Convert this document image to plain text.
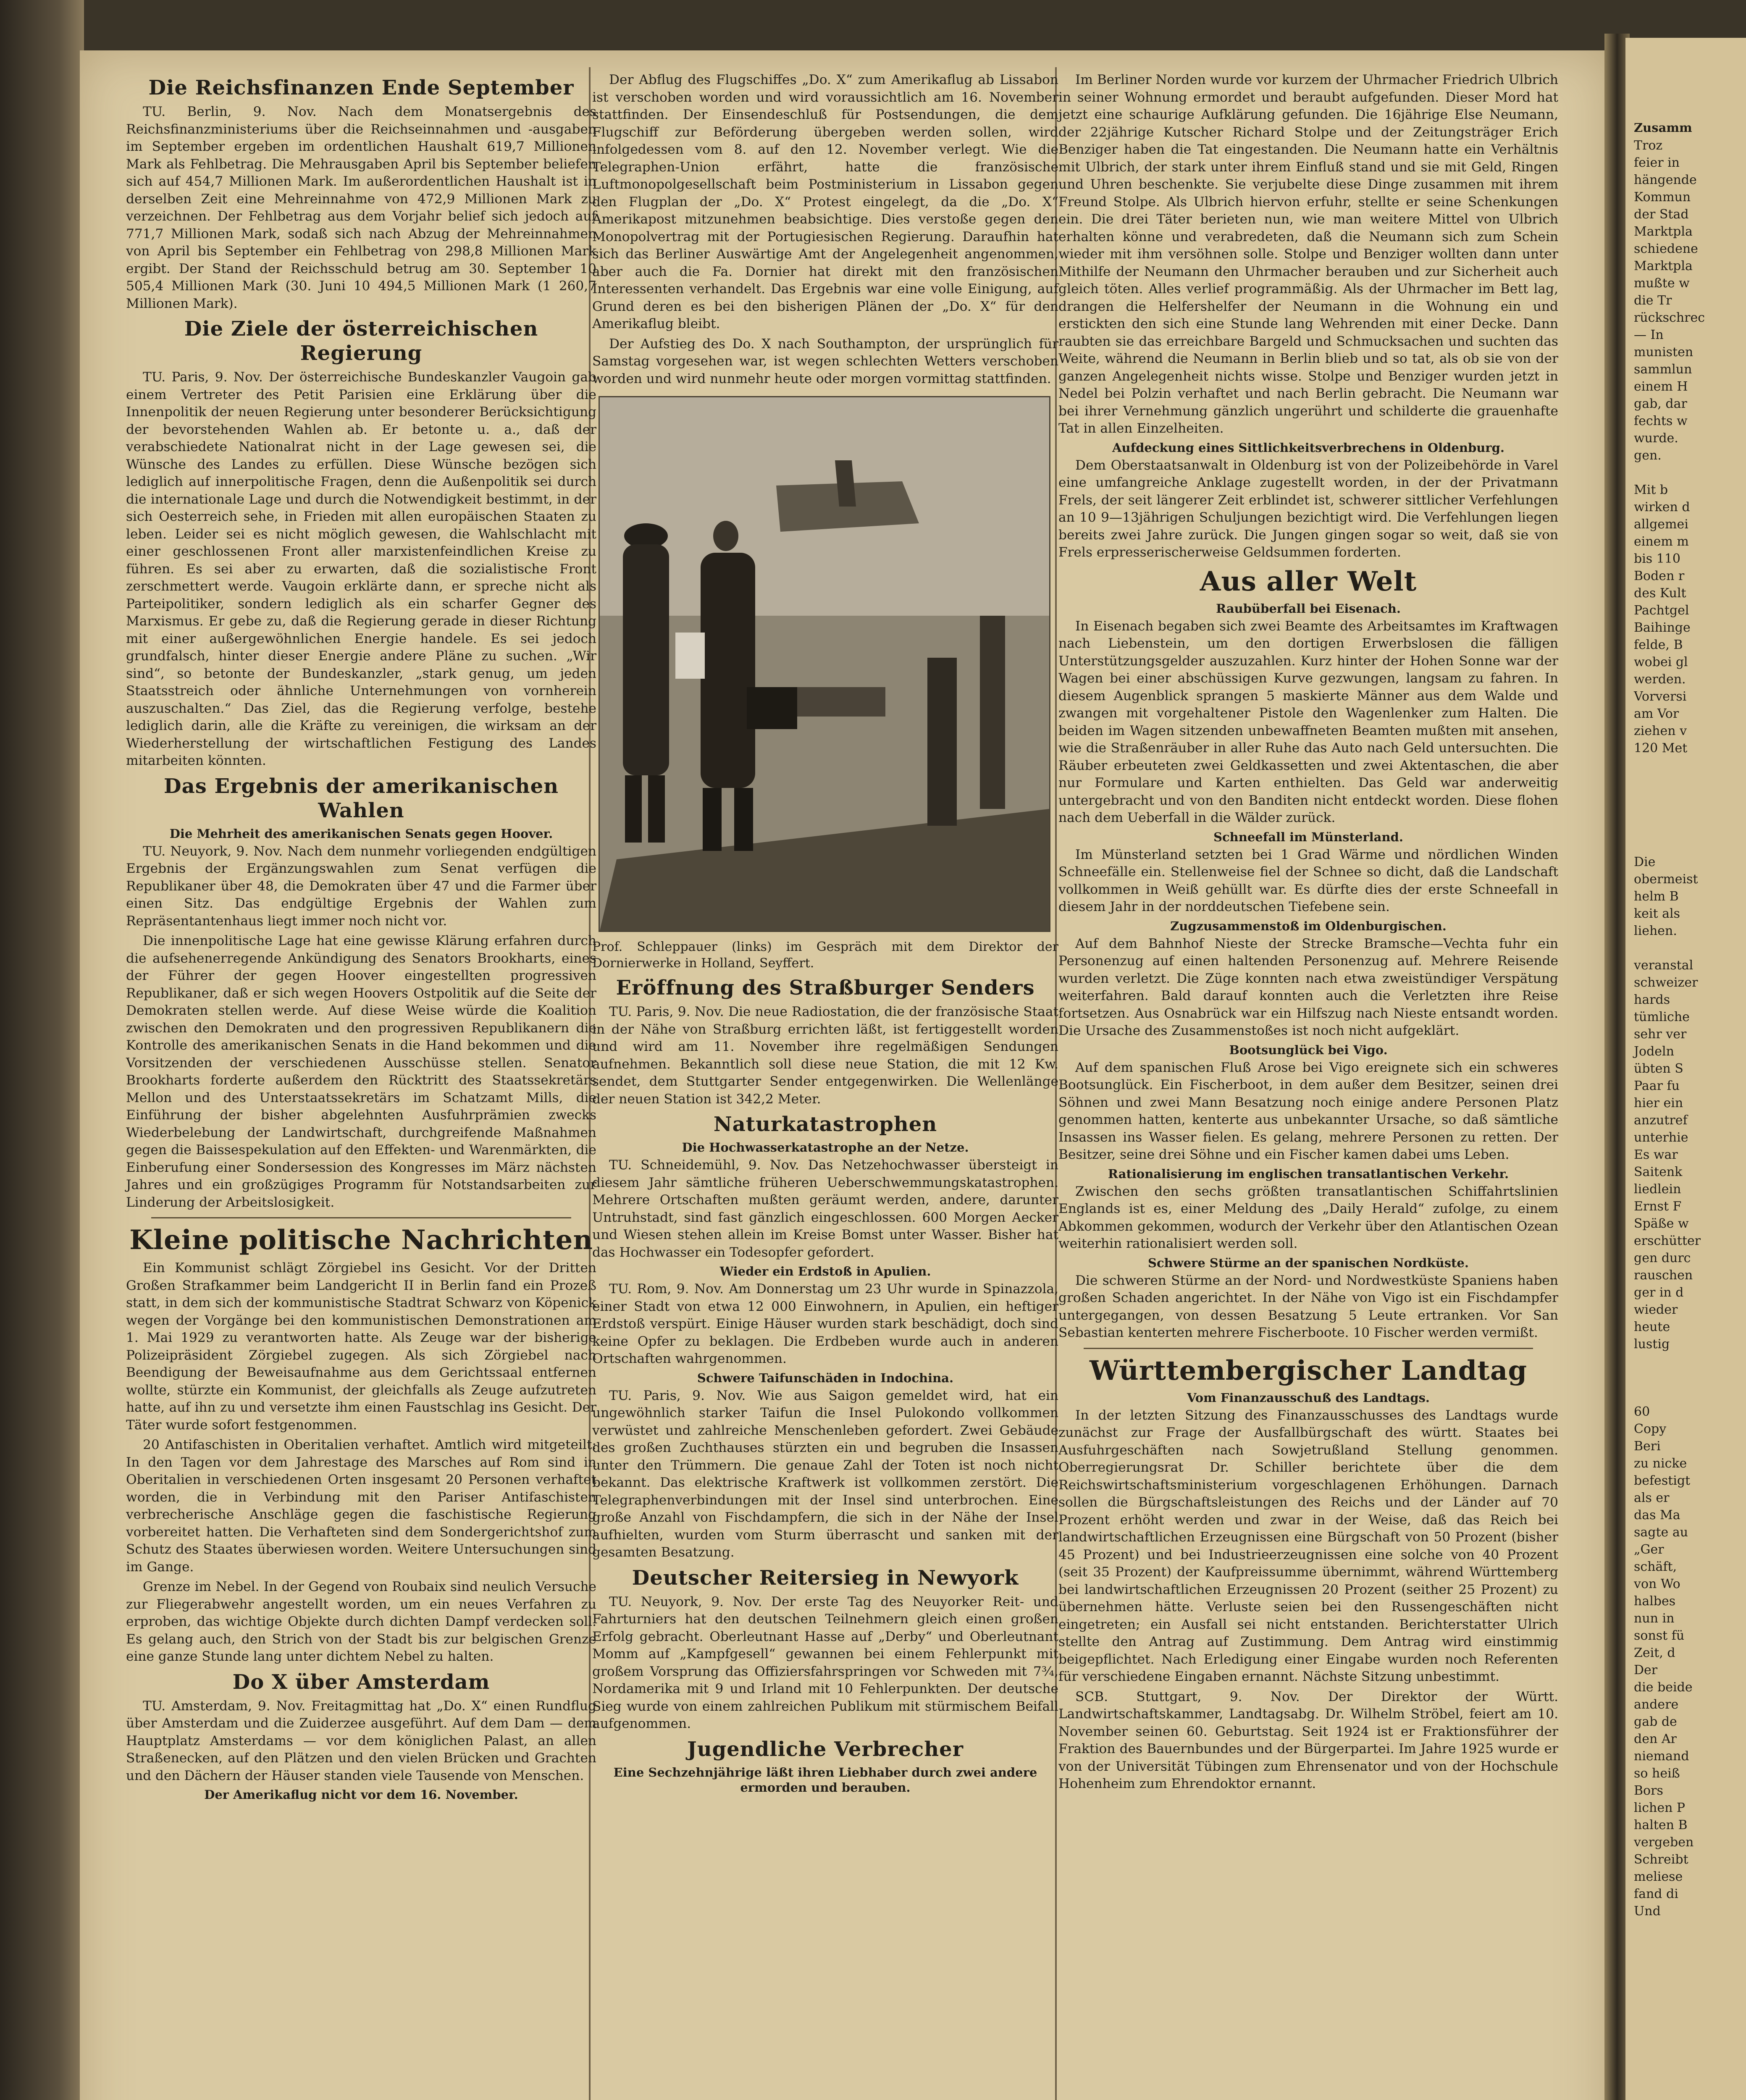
Zusamm

Troz

feier in

hängende

Kommun

der Stad

Marktpla

schiedene

Marktpla

mußte w

die Tr

rückschrec

— In

munisten

sammlun

einem H

gab, dar

fechts w

wurde.

gen.

Mit b

wirken d

allgemei

einem m

bis 110

Boden r

des Kult

Pachtgel

Baihinge

felde, B

wobei gl

werden.

Vorversi

am Vor

ziehen v

120 Met

Die

obermeist

helm B

keit als

liehen.

veranstal

schweizer

hards

tümliche

sehr ver

Jodeln

übten S

Paar fu

hier ein

anzutref

unterhie

Es war

Saitenk

liedlein

Ernst F

Späße w

erschütter

gen durc

rauschen

ger in d

wieder

heute

lustig

60

Copy

Beri

zu nicke

befestigt

als er

das Ma

sagte au

„Ger

schäft,

von Wo

halbes

nun in

sonst fü

Zeit, d

Der

die beide

andere

gab de

den Ar

niemand

so heiß

Bors

lichen P

halten B

vergeben

Schreibt

meliese

fand di

Und

Die Reichsfinanzen Ende September

TU. Berlin, 9. Nov. Nach dem Monatsergebnis des Reichsfinanzministeriums über die Reichseinnahmen und -ausgaben im September ergeben im ordentlichen Haushalt 619,7 Millionen Mark als Fehlbetrag. Die Mehrausgaben April bis September beliefen sich auf 454,7 Millionen Mark. Im außerordentlichen Haushalt ist in derselben Zeit eine Mehreinnahme von 472,9 Millionen Mark zu verzeichnen. Der Fehlbetrag aus dem Vorjahr belief sich jedoch auf 771,7 Millionen Mark, sodaß sich nach Abzug der Mehreinnahmen von April bis September ein Fehlbetrag von 298,8 Millionen Mark ergibt. Der Stand der Reichsschuld betrug am 30. September 10 505,4 Millionen Mark (30. Juni 10 494,5 Millionen Mark (1 260,7 Millionen Mark).

Die Ziele der österreichischen Regierung

TU. Paris, 9. Nov. Der österreichische Bundeskanzler Vaugoin gab einem Vertreter des Petit Parisien eine Erklärung über die Innenpolitik der neuen Regierung unter besonderer Berücksichtigung der bevorstehenden Wahlen ab. Er betonte u. a., daß der verabschiedete Nationalrat nicht in der Lage gewesen sei, die Wünsche des Landes zu erfüllen. Diese Wünsche bezögen sich lediglich auf innerpolitische Fragen, denn die Außenpolitik sei durch die internationale Lage und durch die Notwendigkeit bestimmt, in der sich Oesterreich sehe, in Frieden mit allen europäischen Staaten zu leben. Leider sei es nicht möglich gewesen, die Wahlschlacht mit einer geschlossenen Front aller marxistenfeindlichen Kreise zu führen. Es sei aber zu erwarten, daß die sozialistische Front zerschmettert werde. Vaugoin erklärte dann, er spreche nicht als Parteipolitiker, sondern lediglich als ein scharfer Gegner des Marxismus. Er gebe zu, daß die Regierung gerade in dieser Richtung mit einer außergewöhnlichen Energie handele. Es sei jedoch grundfalsch, hinter dieser Energie andere Pläne zu suchen. „Wir sind“, so betonte der Bundeskanzler, „stark genug, um jeden Staatsstreich oder ähnliche Unternehmungen von vornherein auszuschalten.“ Das Ziel, das die Regierung verfolge, bestehe lediglich darin, alle die Kräfte zu vereinigen, die wirksam an der Wiederherstellung der wirtschaftlichen Festigung des Landes mitarbeiten könnten.

Das Ergebnis der amerikanischen Wahlen
Die Mehrheit des amerikanischen Senats gegen Hoover.

TU. Neuyork, 9. Nov. Nach dem nunmehr vorliegenden endgültigen Ergebnis der Ergänzungswahlen zum Senat verfügen die Republikaner über 48, die Demokraten über 47 und die Farmer über einen Sitz. Das endgültige Ergebnis der Wahlen zum Repräsentantenhaus liegt immer noch nicht vor.

Die innenpolitische Lage hat eine gewisse Klärung erfahren durch die aufsehenerregende Ankündigung des Senators Brookharts, eines der Führer der gegen Hoover eingestellten progressiven Republikaner, daß er sich wegen Hoovers Ostpolitik auf die Seite der Demokraten stellen werde. Auf diese Weise würde die Koalition zwischen den Demokraten und den progressiven Republikanern die Kontrolle des amerikanischen Senats in die Hand bekommen und die Vorsitzenden der verschiedenen Ausschüsse stellen. Senator Brookharts forderte außerdem den Rücktritt des Staatssekretärs Mellon und des Unterstaatssekretärs im Schatzamt Mills, die Einführung der bisher abgelehnten Ausfuhrprämien zwecks Wiederbelebung der Landwirtschaft, durchgreifende Maßnahmen gegen die Baissespekulation auf den Effekten- und Warenmärkten, die Einberufung einer Sondersession des Kongresses im März nächsten Jahres und ein großzügiges Programm für Notstandsarbeiten zur Linderung der Arbeitslosigkeit.

Kleine politische Nachrichten

Ein Kommunist schlägt Zörgiebel ins Gesicht. Vor der Dritten Großen Strafkammer beim Landgericht II in Berlin fand ein Prozeß statt, in dem sich der kommunistische Stadtrat Schwarz von Köpenick wegen der Vorgänge bei den kommunistischen Demonstrationen am 1. Mai 1929 zu verantworten hatte. Als Zeuge war der bisherige Polizeipräsident Zörgiebel zugegen. Als sich Zörgiebel nach Beendigung der Beweisaufnahme aus dem Gerichtssaal entfernen wollte, stürzte ein Kommunist, der gleichfalls als Zeuge aufzutreten hatte, auf ihn zu und versetzte ihm einen Faustschlag ins Gesicht. Der Täter wurde sofort festgenommen.

20 Antifaschisten in Oberitalien verhaftet. Amtlich wird mitgeteilt: In den Tagen vor dem Jahrestage des Marsches auf Rom sind in Oberitalien in verschiedenen Orten insgesamt 20 Personen verhaftet worden, die in Verbindung mit den Pariser Antifaschisten verbrecherische Anschläge gegen die faschistische Regierung vorbereitet hatten. Die Verhafteten sind dem Sondergerichtshof zum Schutz des Staates überwiesen worden. Weitere Untersuchungen sind im Gange.

Grenze im Nebel. In der Gegend von Roubaix sind neulich Versuche zur Fliegerabwehr angestellt worden, um ein neues Verfahren zu erproben, das wichtige Objekte durch dichten Dampf verdecken soll. Es gelang auch, den Strich von der Stadt bis zur belgischen Grenze eine ganze Stunde lang unter dichtem Nebel zu halten.

Do X über Amsterdam

TU. Amsterdam, 9. Nov. Freitagmittag hat „Do. X“ einen Rundflug über Amsterdam und die Zuiderzee ausgeführt. Auf dem Dam — dem Hauptplatz Amsterdams — vor dem königlichen Palast, an allen Straßenecken, auf den Plätzen und den vielen Brücken und Grachten und den Dächern der Häuser standen viele Tausende von Menschen.

Der Amerikaflug nicht vor dem 16. November.

Der Abflug des Flugschiffes „Do. X“ zum Amerikaflug ab Lissabon ist verschoben worden und wird voraussichtlich am 16. November stattfinden. Der Einsendeschluß für Postsendungen, die dem Flugschiff zur Beförderung übergeben werden sollen, wird infolgedessen vom 8. auf den 12. November verlegt. Wie die Telegraphen-Union erfährt, hatte die französische Luftmonopolgesellschaft beim Postministerium in Lissabon gegen den Flugplan der „Do. X“ Protest eingelegt, da die „Do. X“ Amerikapost mitzunehmen beabsichtige. Dies verstoße gegen den Monopolvertrag mit der Portugiesischen Regierung. Daraufhin hat sich das Berliner Auswärtige Amt der Angelegenheit angenommen, aber auch die Fa. Dornier hat direkt mit den französischen Interessenten verhandelt. Das Ergebnis war eine volle Einigung, auf Grund deren es bei den bisherigen Plänen der „Do. X“ für den Amerikaflug bleibt.

Der Aufstieg des Do. X nach Southampton, der ursprünglich für Samstag vorgesehen war, ist wegen schlechten Wetters verschoben worden und wird nunmehr heute oder morgen vormittag stattfinden.

Prof. Schleppauer (links) im Gespräch mit dem Direktor der Dornierwerke in Holland, Seyffert.

Eröffnung des Straßburger Senders

TU. Paris, 9. Nov. Die neue Radiostation, die der französische Staat in der Nähe von Straßburg errichten läßt, ist fertiggestellt worden und wird am 11. November ihre regelmäßigen Sendungen aufnehmen. Bekanntlich soll diese neue Station, die mit 12 Kw. sendet, dem Stuttgarter Sender entgegenwirken. Die Wellenlänge der neuen Station ist 342,2 Meter.

Naturkatastrophen
Die Hochwasserkatastrophe an der Netze.

TU. Schneidemühl, 9. Nov. Das Netzehochwasser übersteigt in diesem Jahr sämtliche früheren Ueberschwemmungskatastrophen. Mehrere Ortschaften mußten geräumt werden, andere, darunter Untruhstadt, sind fast gänzlich eingeschlossen. 600 Morgen Aecker und Wiesen stehen allein im Kreise Bomst unter Wasser. Bisher hat das Hochwasser ein Todesopfer gefordert.

Wieder ein Erdstoß in Apulien.

TU. Rom, 9. Nov. Am Donnerstag um 23 Uhr wurde in Spinazzola, einer Stadt von etwa 12 000 Einwohnern, in Apulien, ein heftiger Erdstoß verspürt. Einige Häuser wurden stark beschädigt, doch sind keine Opfer zu beklagen. Die Erdbeben wurde auch in anderen Ortschaften wahrgenommen.

Schwere Taifunschäden in Indochina.

TU. Paris, 9. Nov. Wie aus Saigon gemeldet wird, hat ein ungewöhnlich starker Taifun die Insel Pulokondo vollkommen verwüstet und zahlreiche Menschenleben gefordert. Zwei Gebäude des großen Zuchthauses stürzten ein und begruben die Insassen unter den Trümmern. Die genaue Zahl der Toten ist noch nicht bekannt. Das elektrische Kraftwerk ist vollkommen zerstört. Die Telegraphenverbindungen mit der Insel sind unterbrochen. Eine große Anzahl von Fischdampfern, die sich in der Nähe der Insel aufhielten, wurden vom Sturm überrascht und sanken mit der gesamten Besatzung.

Deutscher Reitersieg in Newyork

TU. Neuyork, 9. Nov. Der erste Tag des Neuyorker Reit- und Fahrturniers hat den deutschen Teilnehmern gleich einen großen Erfolg gebracht. Oberleutnant Hasse auf „Derby“ und Oberleutnant Momm auf „Kampfgesell“ gewannen bei einem Fehlerpunkt mit großem Vorsprung das Offiziersfahrspringen vor Schweden mit 7¾, Nordamerika mit 9 und Irland mit 10 Fehlerpunkten. Der deutsche Sieg wurde von einem zahlreichen Publikum mit stürmischem Beifall aufgenommen.

Jugendliche Verbrecher
Eine Sechzehnjährige läßt ihren Liebhaber durch zwei andere ermorden und berauben.

Im Berliner Norden wurde vor kurzem der Uhrmacher Friedrich Ulbrich in seiner Wohnung ermordet und beraubt aufgefunden. Dieser Mord hat jetzt eine schaurige Aufklärung gefunden. Die 16jährige Else Neumann, der 22jährige Kutscher Richard Stolpe und der Zeitungsträger Erich Benziger haben die Tat eingestanden. Die Neumann hatte ein Verhältnis mit Ulbrich, der stark unter ihrem Einfluß stand und sie mit Geld, Ringen und Uhren beschenkte. Sie verjubelte diese Dinge zusammen mit ihrem Freund Stolpe. Als Ulbrich hiervon erfuhr, stellte er seine Schenkungen ein. Die drei Täter berieten nun, wie man weitere Mittel von Ulbrich erhalten könne und verabredeten, daß die Neumann sich zum Schein wieder mit ihm versöhnen solle. Stolpe und Benziger wollten dann unter Mithilfe der Neumann den Uhrmacher berauben und zur Sicherheit auch gleich töten. Alles verlief programmäßig. Als der Uhrmacher im Bett lag, drangen die Helfershelfer der Neumann in die Wohnung ein und erstickten den sich eine Stunde lang Wehrenden mit einer Decke. Dann raubten sie das erreichbare Bargeld und Schmucksachen und suchten das Weite, während die Neumann in Berlin blieb und so tat, als ob sie von der ganzen Angelegenheit nichts wisse. Stolpe und Benziger wurden jetzt in Nedel bei Polzin verhaftet und nach Berlin gebracht. Die Neumann war bei ihrer Vernehmung gänzlich ungerührt und schilderte die grauenhafte Tat in allen Einzelheiten.

Aufdeckung eines Sittlichkeitsverbrechens in Oldenburg.

Dem Oberstaatsanwalt in Oldenburg ist von der Polizeibehörde in Varel eine umfangreiche Anklage zugestellt worden, in der der Privatmann Frels, der seit längerer Zeit erblindet ist, schwerer sittlicher Verfehlungen an 10 9—13jährigen Schuljungen bezichtigt wird. Die Verfehlungen liegen bereits zwei Jahre zurück. Die Jungen gingen sogar so weit, daß sie von Frels erpresserischerweise Geldsummen forderten.

Aus aller Welt
Raubüberfall bei Eisenach.

In Eisenach begaben sich zwei Beamte des Arbeitsamtes im Kraftwagen nach Liebenstein, um den dortigen Erwerbslosen die fälligen Unterstützungsgelder auszuzahlen. Kurz hinter der Hohen Sonne war der Wagen bei einer abschüssigen Kurve gezwungen, langsam zu fahren. In diesem Augenblick sprangen 5 maskierte Männer aus dem Walde und zwangen mit vorgehaltener Pistole den Wagenlenker zum Halten. Die beiden im Wagen sitzenden unbewaffneten Beamten mußten mit ansehen, wie die Straßenräuber in aller Ruhe das Auto nach Geld untersuchten. Die Räuber erbeuteten zwei Geldkassetten und zwei Aktentaschen, die aber nur Formulare und Karten enthielten. Das Geld war anderweitig untergebracht und von den Banditen nicht entdeckt worden. Diese flohen nach dem Ueberfall in die Wälder zurück.

Schneefall im Münsterland.

Im Münsterland setzten bei 1 Grad Wärme und nördlichen Winden Schneefälle ein. Stellenweise fiel der Schnee so dicht, daß die Landschaft vollkommen in Weiß gehüllt war. Es dürfte dies der erste Schneefall in diesem Jahr in der norddeutschen Tiefebene sein.

Zugzusammenstoß im Oldenburgischen.

Auf dem Bahnhof Nieste der Strecke Bramsche—Vechta fuhr ein Personenzug auf einen haltenden Personenzug auf. Mehrere Reisende wurden verletzt. Die Züge konnten nach etwa zweistündiger Verspätung weiterfahren. Bald darauf konnten auch die Verletzten ihre Reise fortsetzen. Aus Osnabrück war ein Hilfszug nach Nieste entsandt worden. Die Ursache des Zusammenstoßes ist noch nicht aufgeklärt.

Bootsunglück bei Vigo.

Auf dem spanischen Fluß Arose bei Vigo ereignete sich ein schweres Bootsunglück. Ein Fischerboot, in dem außer dem Besitzer, seinen drei Söhnen und zwei Mann Besatzung noch einige andere Personen Platz genommen hatten, kenterte aus unbekannter Ursache, so daß sämtliche Insassen ins Wasser fielen. Es gelang, mehrere Personen zu retten. Der Besitzer, seine drei Söhne und ein Fischer kamen dabei ums Leben.

Rationalisierung im englischen transatlantischen Verkehr.

Zwischen den sechs größten transatlantischen Schiffahrtslinien Englands ist es, einer Meldung des „Daily Herald“ zufolge, zu einem Abkommen gekommen, wodurch der Verkehr über den Atlantischen Ozean weiterhin rationalisiert werden soll.

Schwere Stürme an der spanischen Nordküste.

Die schweren Stürme an der Nord- und Nordwestküste Spaniens haben großen Schaden angerichtet. In der Nähe von Vigo ist ein Fischdampfer untergegangen, von dessen Besatzung 5 Leute ertranken. Vor San Sebastian kenterten mehrere Fischerboote. 10 Fischer werden vermißt.

Württembergischer Landtag
Vom Finanzausschuß des Landtags.

In der letzten Sitzung des Finanzausschusses des Landtags wurde zunächst zur Frage der Ausfallbürgschaft des württ. Staates bei Ausfuhrgeschäften nach Sowjetrußland Stellung genommen. Oberregierungsrat Dr. Schiller berichtete über die dem Reichswirtschaftsministerium vorgeschlagenen Erhöhungen. Darnach sollen die Bürgschaftsleistungen des Reichs und der Länder auf 70 Prozent erhöht werden und zwar in der Weise, daß das Reich bei landwirtschaftlichen Erzeugnissen eine Bürgschaft von 50 Prozent (bisher 45 Prozent) und bei Industrieerzeugnissen eine solche von 40 Prozent (seit 35 Prozent) der Kaufpreissumme übernimmt, während Württemberg bei landwirtschaftlichen Erzeugnissen 20 Prozent (seither 25 Prozent) zu übernehmen hätte. Verluste seien bei den Russengeschäften nicht eingetreten; ein Ausfall sei nicht entstanden. Berichterstatter Ulrich stellte den Antrag auf Zustimmung. Dem Antrag wird einstimmig beigepflichtet. Nach Erledigung einer Eingabe wurden noch Referenten für verschiedene Eingaben ernannt. Nächste Sitzung unbestimmt.

SCB. Stuttgart, 9. Nov. Der Direktor der Württ. Landwirtschaftskammer, Landtagsabg. Dr. Wilhelm Ströbel, feiert am 10. November seinen 60. Geburtstag. Seit 1924 ist er Fraktionsführer der Fraktion des Bauernbundes und der Bürgerpartei. Im Jahre 1925 wurde er von der Universität Tübingen zum Ehrensenator und von der Hochschule Hohenheim zum Ehrendoktor ernannt.
